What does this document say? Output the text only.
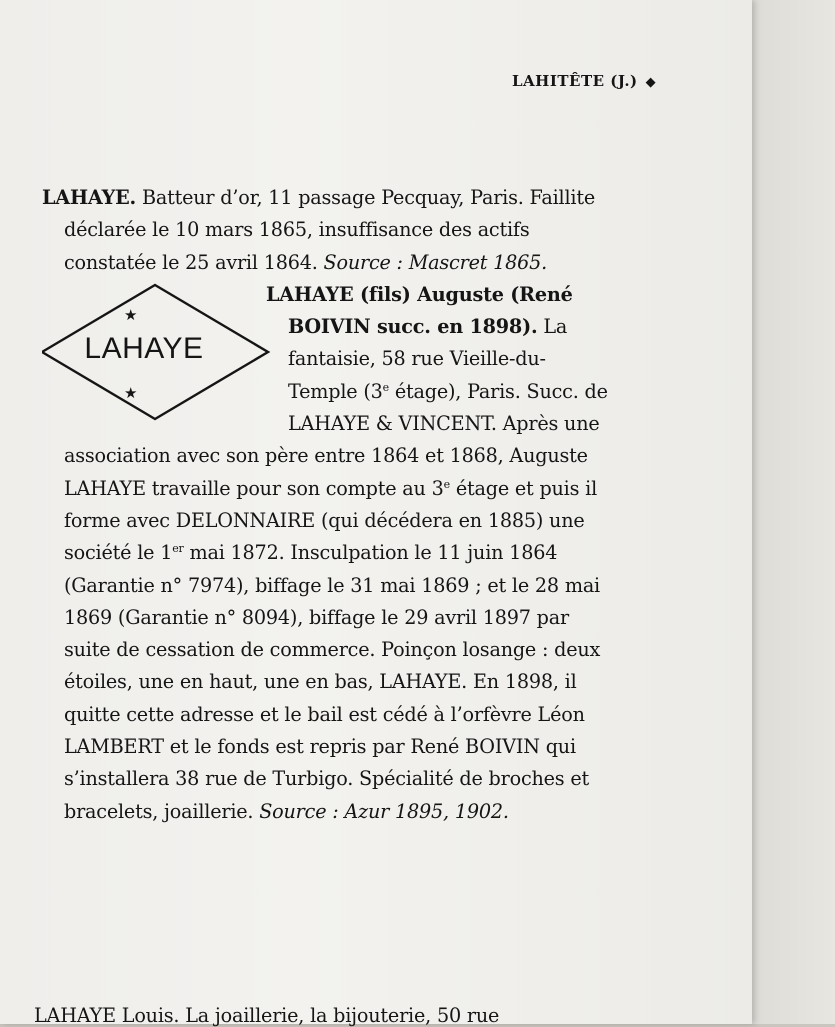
LAHITÊTE (J.) ◆

LAHAYE. Batteur d’or, 11 passage Pecquay, Paris. Faillite déclarée le 10 mars 1865, insuffisance des actifs constatée le 25 avril 1864. Source : Mascret 1865.

★
LAHAYE
★
LAHAYE (fils) Auguste (René BOIVIN succ. en 1898). La fantaisie, 58 rue Vieille-du-Temple (3e étage), Paris. Succ. de LAHAYE & VINCENT. Après une association avec son père entre 1864 et 1868, Auguste LAHAYE travaille pour son compte au 3e étage et puis il forme avec DELONNAIRE (qui décédera en 1885) une société le 1er mai 1872. Insculpation le 11 juin 1864 (Garantie n° 7974), biffage le 31 mai 1869 ; et le 28 mai 1869 (Garantie n° 8094), biffage le 29 avril 1897 par suite de cessation de commerce. Poinçon losange : deux étoiles, une en haut, une en bas, LAHAYE. En 1898, il quitte cette adresse et le bail est cédé à l’orfèvre Léon LAMBERT et le fonds est repris par René BOIVIN qui s’installera 38 rue de Turbigo. Spécialité de broches et bracelets, joaillerie. Source : Azur 1895, 1902.

LAHAYE Louis. La joaillerie, la bijouterie, 50 rue
